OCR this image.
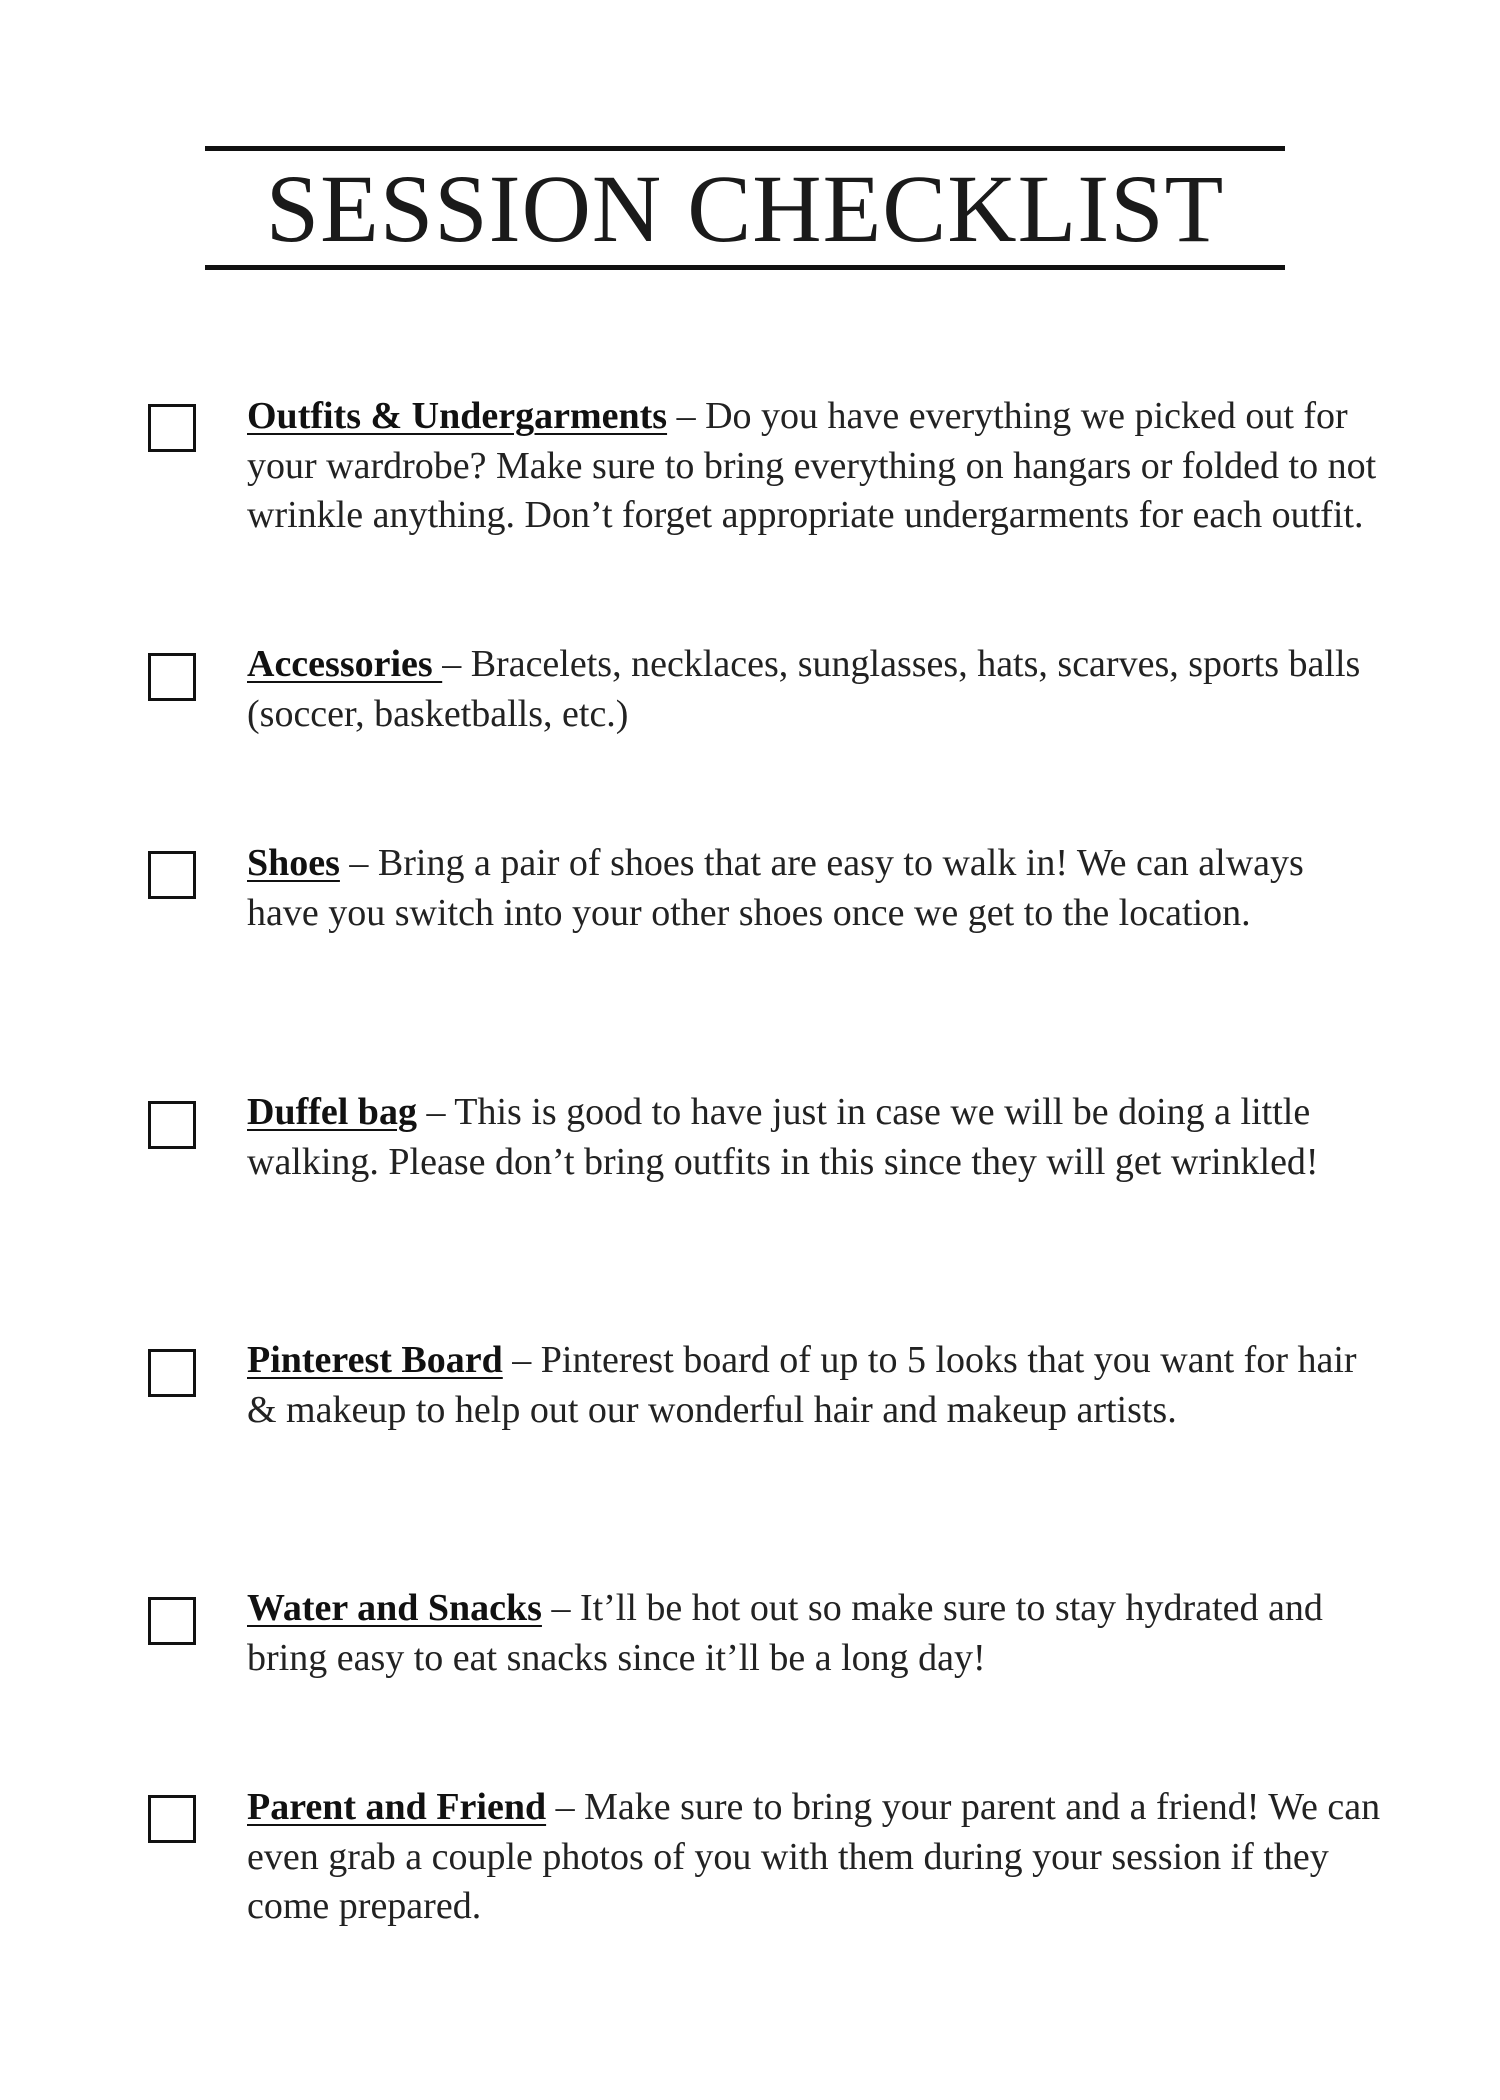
SESSION CHECKLIST
Outfits & Undergarments – Do you have everything we picked out for your wardrobe? Make sure to bring everything on hangars or folded to not wrinkle anything. Don’t forget appropriate undergarments for each outfit.
Accessories – Bracelets, necklaces, sunglasses, hats, scarves, sports balls (soccer, basketballs, etc.)
Shoes – Bring a pair of shoes that are easy to walk in! We can always have you switch into your other shoes once we get to the location.
Duffel bag – This is good to have just in case we will be doing a little walking. Please don’t bring outfits in this since they will get wrinkled!
Pinterest Board – Pinterest board of up to 5 looks that you want for hair & makeup to help out our wonderful hair and makeup artists.
Water and Snacks – It’ll be hot out so make sure to stay hydrated and bring easy to eat snacks since it’ll be a long day!
Parent and Friend – Make sure to bring your parent and a friend! We can even grab a couple photos of you with them during your session if they come prepared.
